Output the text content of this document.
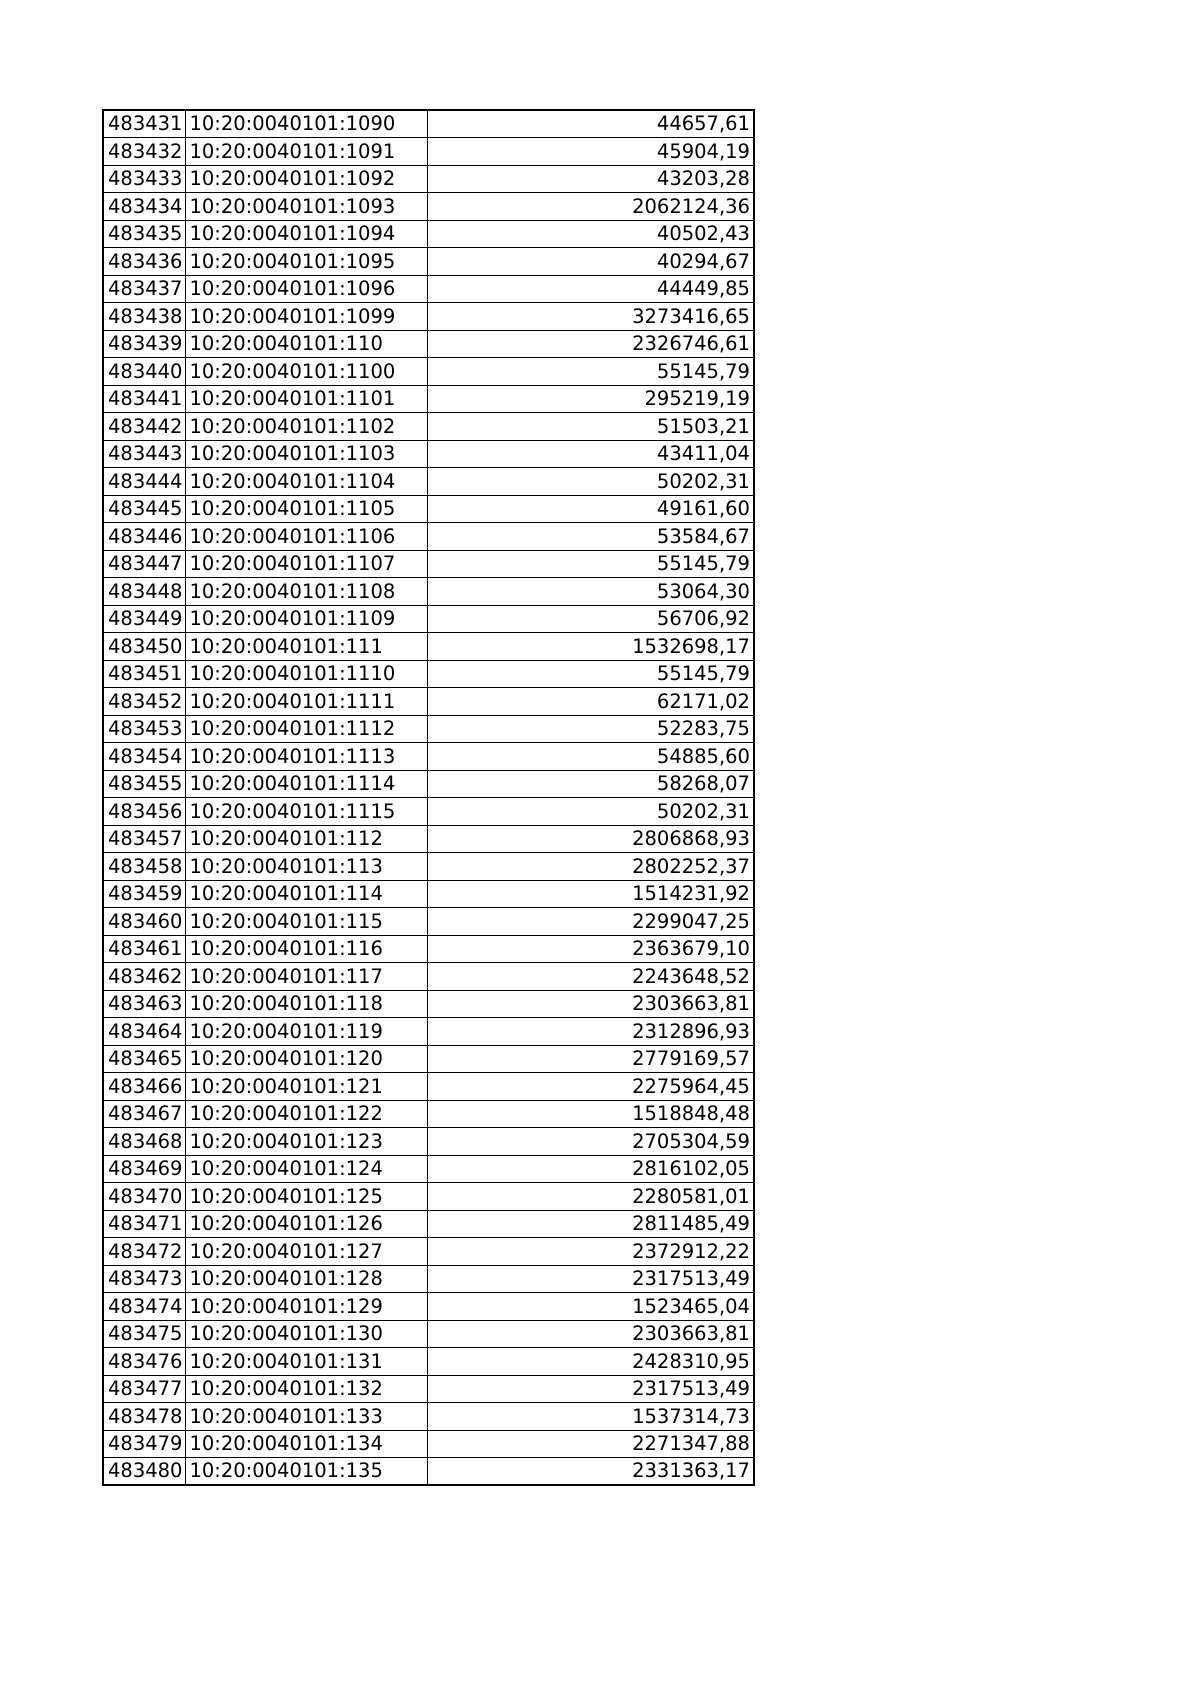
483431	10:20:0040101:1090	44657,61
483432	10:20:0040101:1091	45904,19
483433	10:20:0040101:1092	43203,28
483434	10:20:0040101:1093	2062124,36
483435	10:20:0040101:1094	40502,43
483436	10:20:0040101:1095	40294,67
483437	10:20:0040101:1096	44449,85
483438	10:20:0040101:1099	3273416,65
483439	10:20:0040101:110	2326746,61
483440	10:20:0040101:1100	55145,79
483441	10:20:0040101:1101	295219,19
483442	10:20:0040101:1102	51503,21
483443	10:20:0040101:1103	43411,04
483444	10:20:0040101:1104	50202,31
483445	10:20:0040101:1105	49161,60
483446	10:20:0040101:1106	53584,67
483447	10:20:0040101:1107	55145,79
483448	10:20:0040101:1108	53064,30
483449	10:20:0040101:1109	56706,92
483450	10:20:0040101:111	1532698,17
483451	10:20:0040101:1110	55145,79
483452	10:20:0040101:1111	62171,02
483453	10:20:0040101:1112	52283,75
483454	10:20:0040101:1113	54885,60
483455	10:20:0040101:1114	58268,07
483456	10:20:0040101:1115	50202,31
483457	10:20:0040101:112	2806868,93
483458	10:20:0040101:113	2802252,37
483459	10:20:0040101:114	1514231,92
483460	10:20:0040101:115	2299047,25
483461	10:20:0040101:116	2363679,10
483462	10:20:0040101:117	2243648,52
483463	10:20:0040101:118	2303663,81
483464	10:20:0040101:119	2312896,93
483465	10:20:0040101:120	2779169,57
483466	10:20:0040101:121	2275964,45
483467	10:20:0040101:122	1518848,48
483468	10:20:0040101:123	2705304,59
483469	10:20:0040101:124	2816102,05
483470	10:20:0040101:125	2280581,01
483471	10:20:0040101:126	2811485,49
483472	10:20:0040101:127	2372912,22
483473	10:20:0040101:128	2317513,49
483474	10:20:0040101:129	1523465,04
483475	10:20:0040101:130	2303663,81
483476	10:20:0040101:131	2428310,95
483477	10:20:0040101:132	2317513,49
483478	10:20:0040101:133	1537314,73
483479	10:20:0040101:134	2271347,88
483480	10:20:0040101:135	2331363,17
